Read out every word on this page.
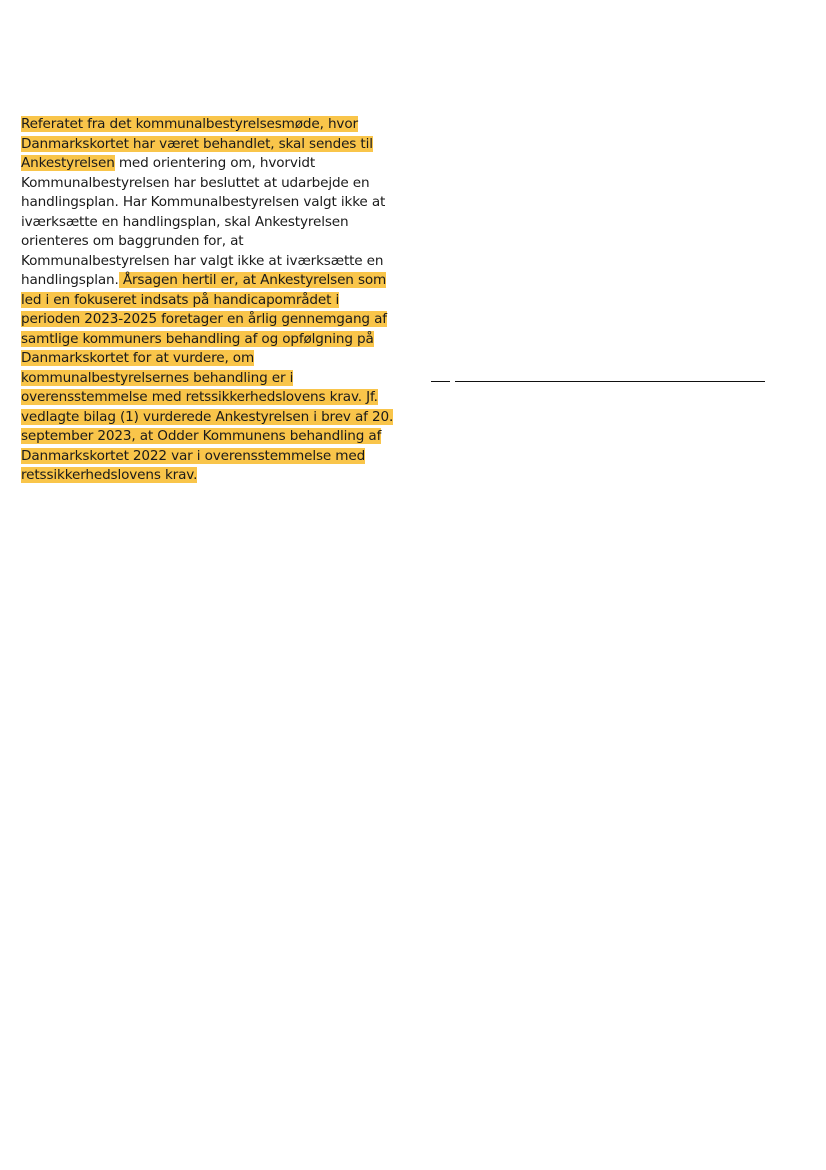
Referatet fra det kommunalbestyrelsesmøde, hvor
Danmarkskortet har været behandlet, skal sendes til
Ankestyrelsen med orientering om, hvorvidt
Kommunalbestyrelsen har besluttet at udarbejde en
handlingsplan. Har Kommunalbestyrelsen valgt ikke at
iværksætte en handlingsplan, skal Ankestyrelsen
orienteres om baggrunden for, at
Kommunalbestyrelsen har valgt ikke at iværksætte en
handlingsplan. Årsagen hertil er, at Ankestyrelsen som
led i en fokuseret indsats på handicapområdet i
perioden 2023-2025 foretager en årlig gennemgang af
samtlige kommuners behandling af og opfølgning på
Danmarkskortet for at vurdere, om
kommunalbestyrelsernes behandling er i
overensstemmelse med retssikkerhedslovens krav. Jf.
vedlagte bilag (1) vurderede Ankestyrelsen i brev af 20.
september 2023, at Odder Kommunens behandling af
Danmarkskortet 2022 var i overensstemmelse med
retssikkerhedslovens krav.
